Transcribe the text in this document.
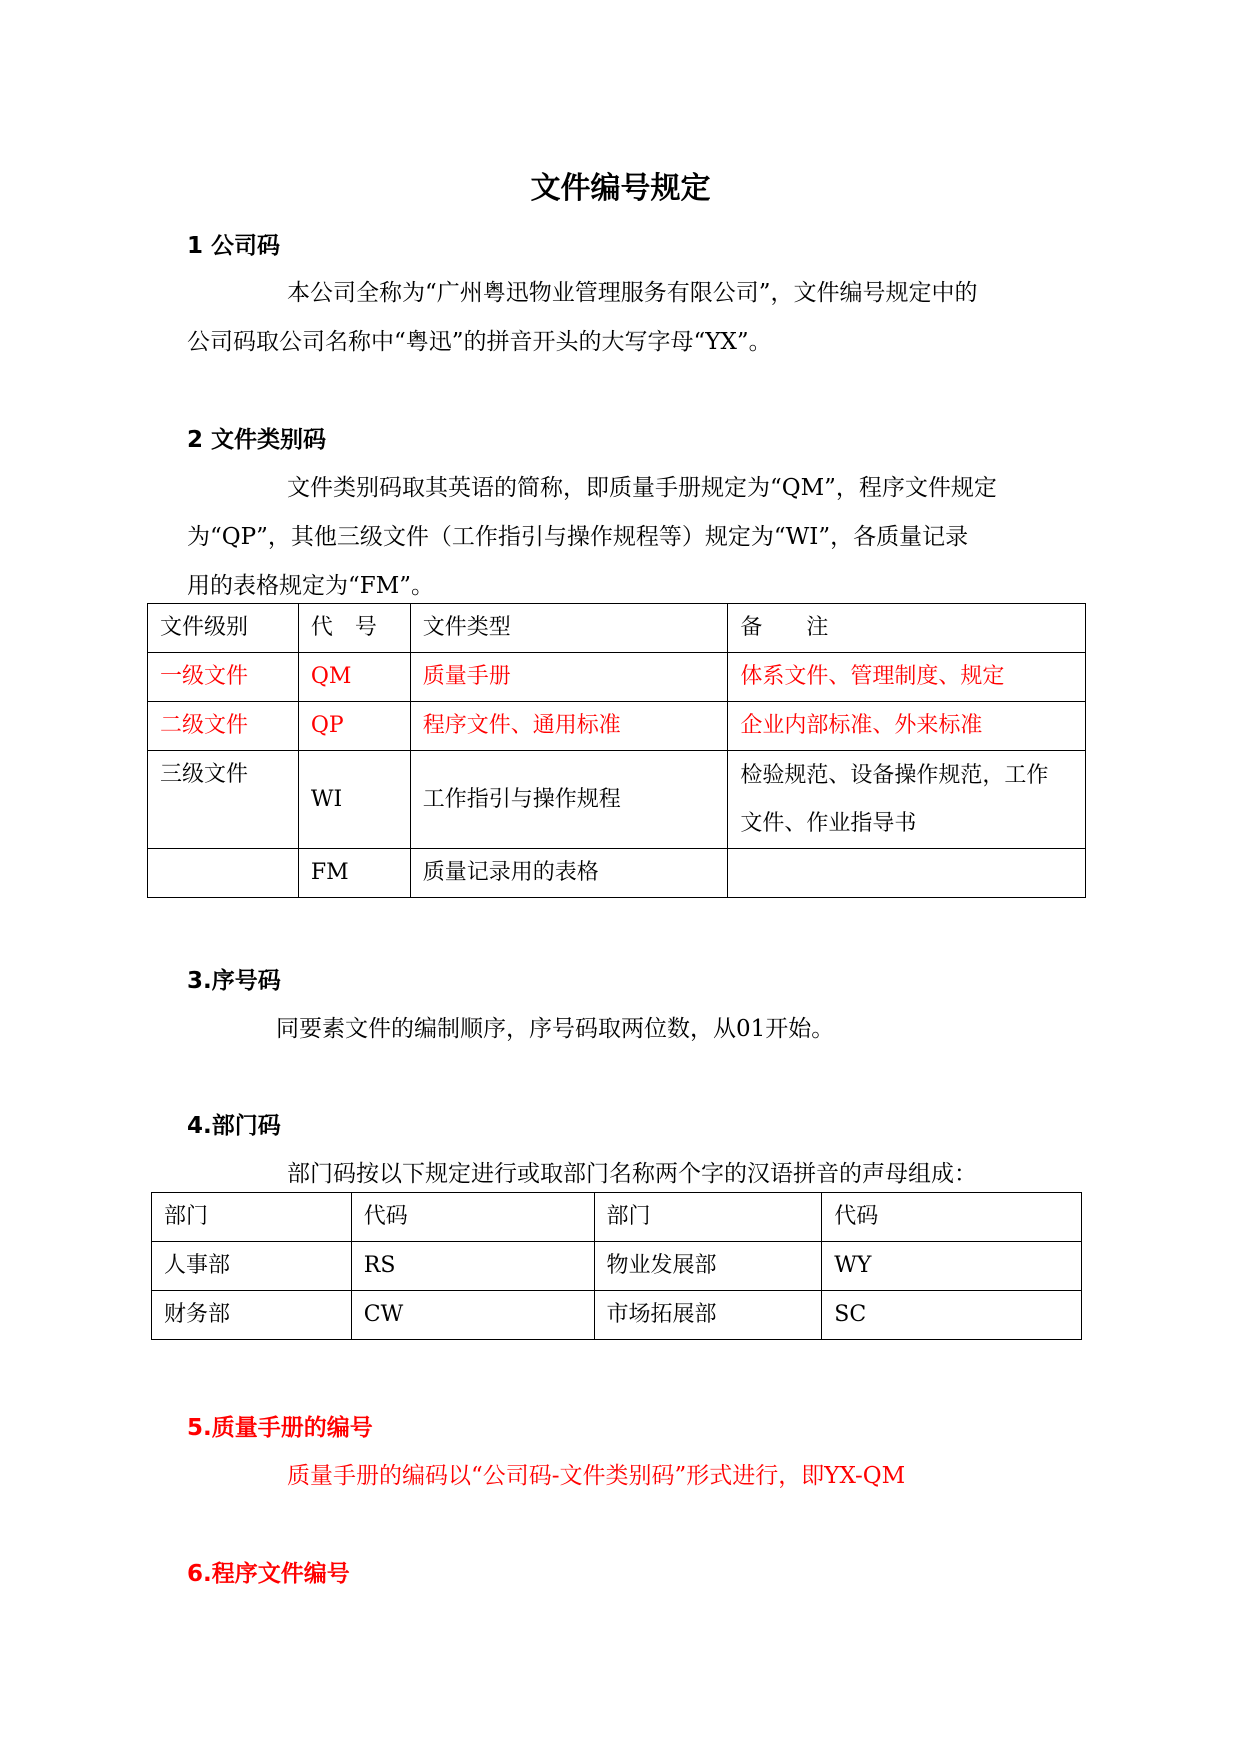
文件编号规定
1 公司码
本公司全称为“广州粤迅物业管理服务有限公司”，文件编号规定中的
公司码取公司名称中“粤迅”的拼音开头的大写字母“YX”。
2 文件类别码
文件类别码取其英语的简称，即质量手册规定为“QM”，程序文件规定
为“QP”，其他三级文件（工作指引与操作规程等）规定为“WI”，各质量记录
用的表格规定为“FM”。
文件级别	代　号	文件类型	备　　注
一级文件	QM	质量手册	体系文件、管理制度、规定
二级文件	QP	程序文件、通用标准	企业内部标准、外来标准
三级文件	WI	工作指引与操作规程	检验规范、设备操作规范，工作
文件、作业指导书

	FM	质量记录用的表格	
3.序号码
同要素文件的编制顺序，序号码取两位数，从01开始。
4.部门码
部门码按以下规定进行或取部门名称两个字的汉语拼音的声母组成：
部门	代码	部门	代码
人事部	RS	物业发展部	WY
财务部	CW	市场拓展部	SC
5.质量手册的编号
质量手册的编码以“公司码-文件类别码”形式进行，即YX-QM
6.程序文件编号
